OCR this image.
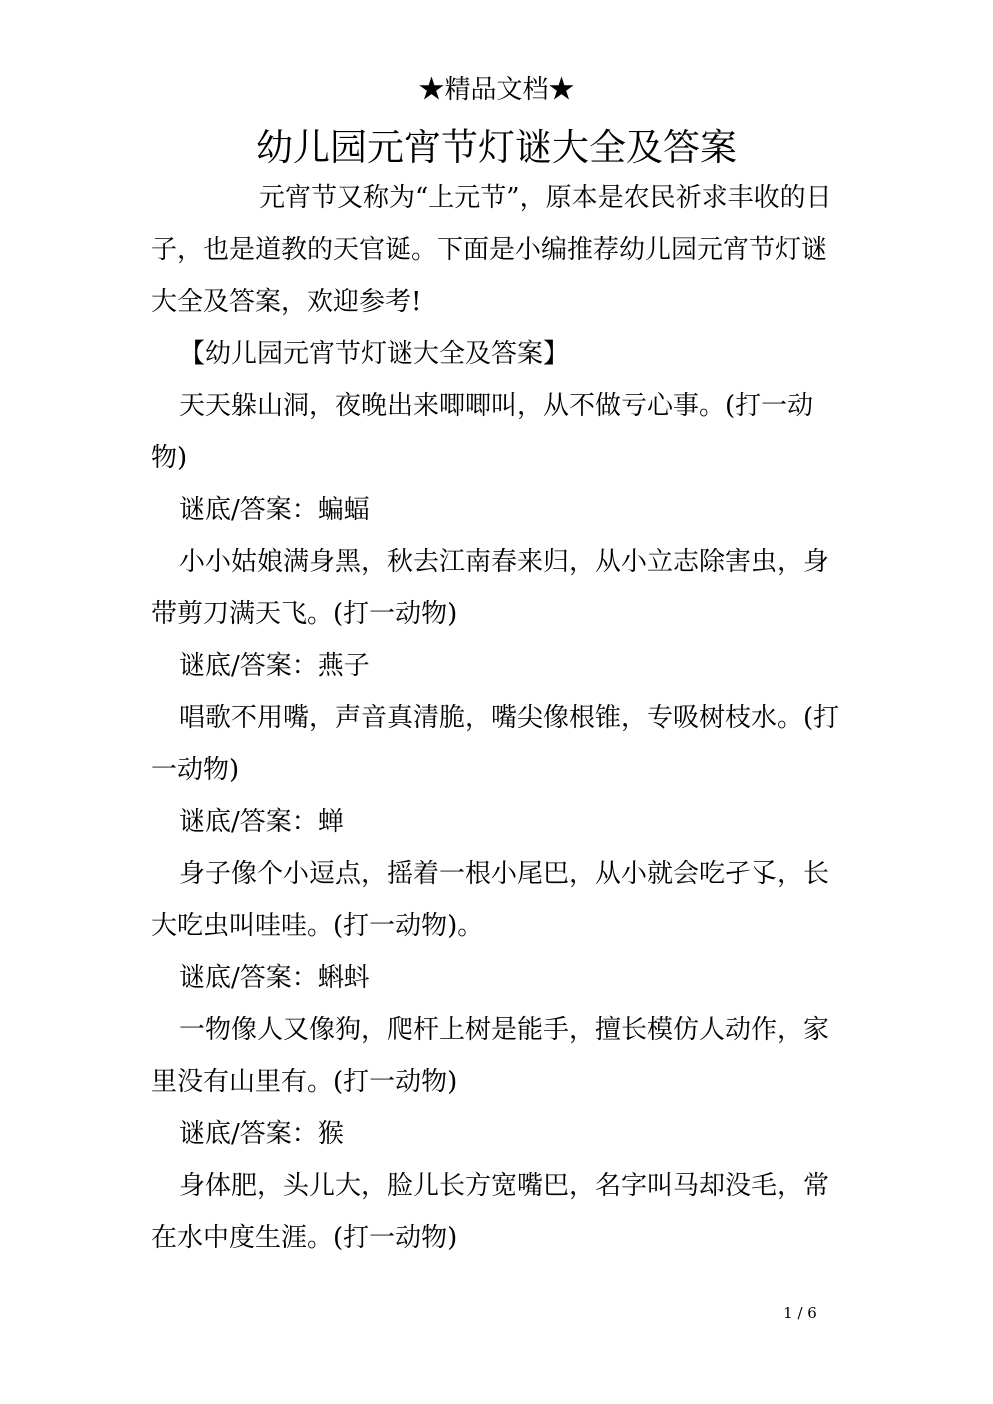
★精品文档★
幼儿园元宵节灯谜大全及答案

元宵节又称为“上元节”，原本是农民祈求丰收的日子，也是道教的天官诞。下面是小编推荐幼儿园元宵节灯谜大全及答案，欢迎参考!

【幼儿园元宵节灯谜大全及答案】

天天躲山洞，夜晚出来唧唧叫，从不做亏心事。(打一动物)

谜底/答案：蝙蝠

小小姑娘满身黑，秋去江南春来归，从小立志除害虫，身带剪刀满天飞。(打一动物)

谜底/答案：燕子

唱歌不用嘴，声音真清脆，嘴尖像根锥，专吸树枝水。(打一动物)

谜底/答案：蝉

身子像个小逗点，摇着一根小尾巴，从小就会吃孑孓，长大吃虫叫哇哇。(打一动物)。

谜底/答案：蝌蚪

一物像人又像狗，爬杆上树是能手，擅长模仿人动作，家里没有山里有。(打一动物)

谜底/答案：猴

身体肥，头儿大，脸儿长方宽嘴巴，名字叫马却没毛，常在水中度生涯。(打一动物)

1 / 6
